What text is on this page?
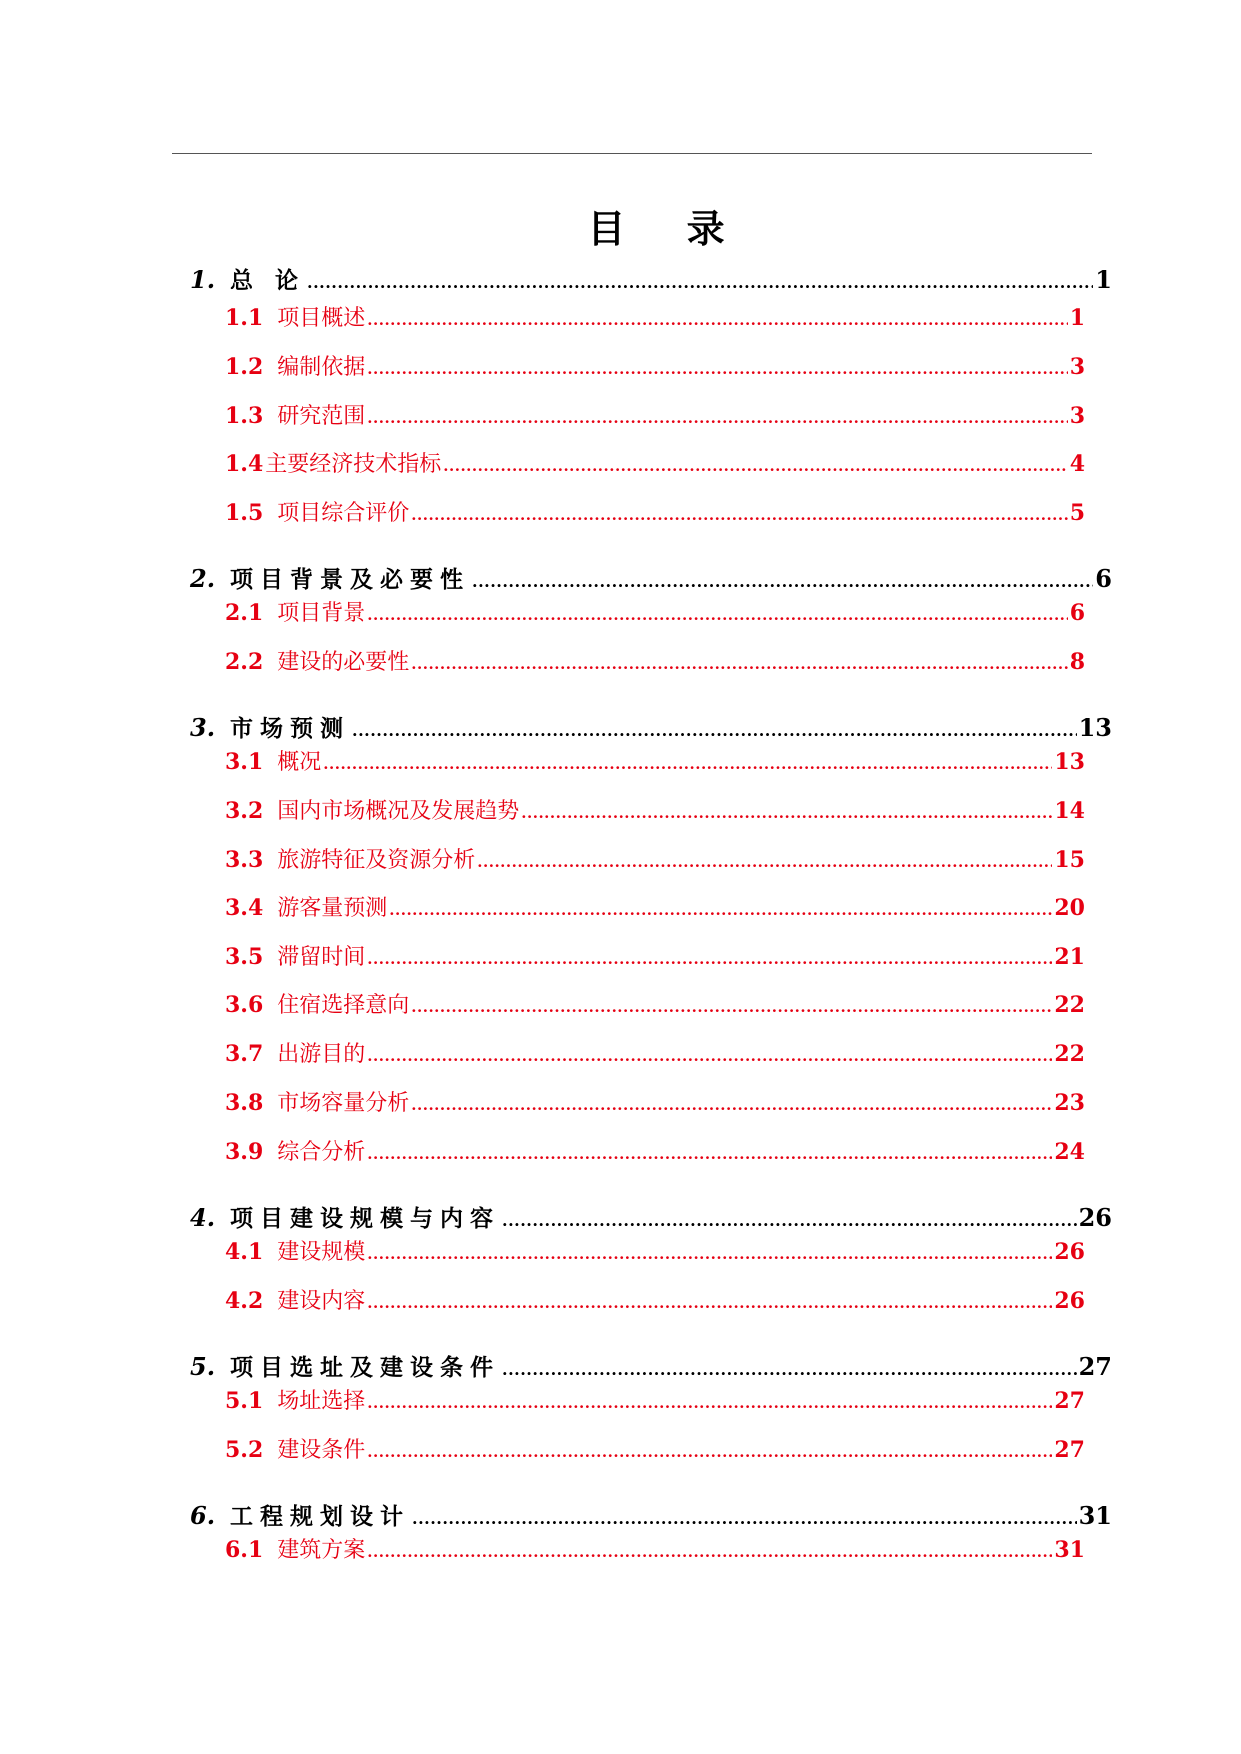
目 录
1. 总 论 .....	1
1.1 项目概述 .....	1
1.2 编制依据 .....	3
1.3 研究范围 .....	3
1.4 主要经济技术指标 .....	4
1.5 项目综合评价 .....	5
2. 项目背景及必要性 .....	6
2.1 项目背景 .....	6
2.2 建设的必要性 .....	8
3. 市场预测 .....	13
3.1 概况 .....	13
3.2 国内市场概况及发展趋势 .....	14
3.3 旅游特征及资源分析 .....	15
3.4 游客量预测 .....	20
3.5 滞留时间 .....	21
3.6 住宿选择意向 .....	22
3.7 出游目的 .....	22
3.8 市场容量分析 .....	23
3.9 综合分析 .....	24
4. 项目建设规模与内容 .....	26
4.1 建设规模 .....	26
4.2 建设内容 .....	26
5. 项目选址及建设条件 .....	27
5.1 场址选择 .....	27
5.2 建设条件 .....	27
6. 工程规划设计 .....	31
6.1 建筑方案 .....	31
